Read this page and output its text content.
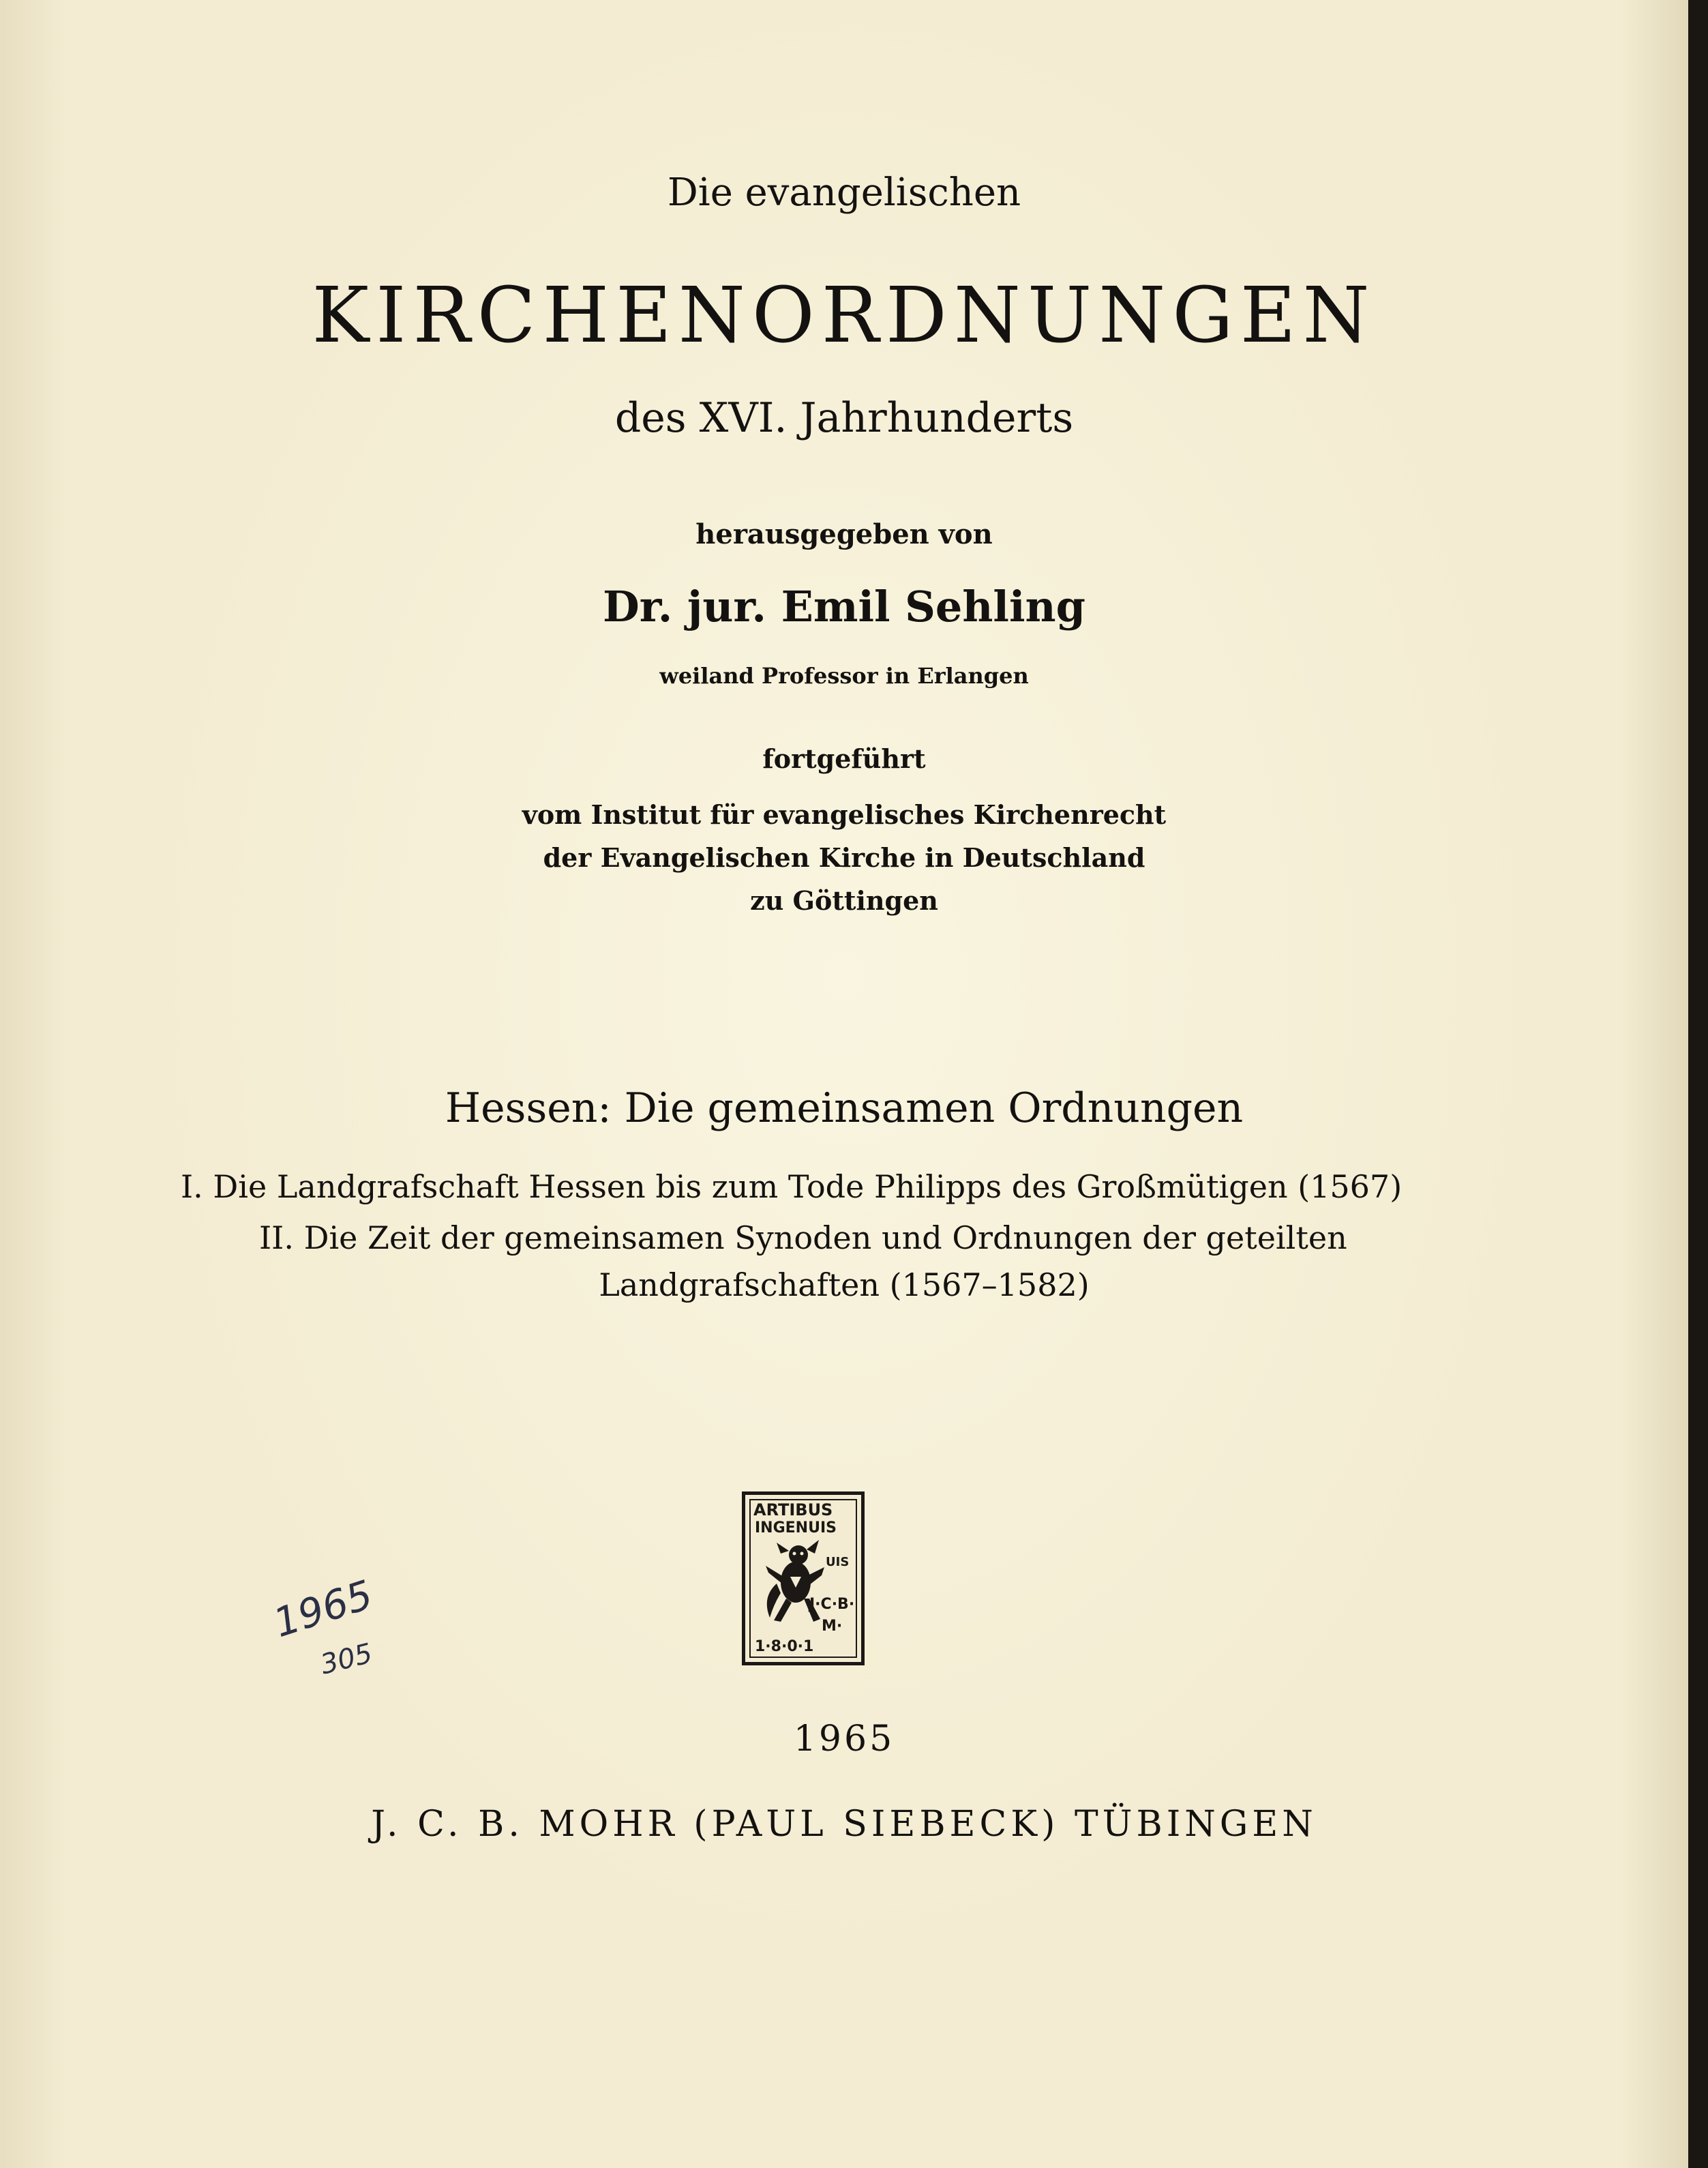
Die evangelischen
KIRCHENORDNUNGEN
des XVI. Jahrhunderts
herausgegeben von
Dr. jur. Emil Sehling
weiland Professor in Erlangen
fortgeführt
vom Institut für evangelisches Kirchenrecht
der Evangelischen Kirche in Deutschland
zu Göttingen
Hessen: Die gemeinsamen Ordnungen
I. Die Landgrafschaft Hessen bis zum Tode Philipps des Großmütigen (1567)
II. Die Zeit der gemeinsamen Synoden und Ordnungen der geteilten
Landgrafschaften (1567–1582)
ARTIBUS
INGENUIS
UIS
J·C·B·
M·
1·8·0·1
1965
305
1965
J. C. B. MOHR (PAUL SIEBECK) TÜBINGEN
